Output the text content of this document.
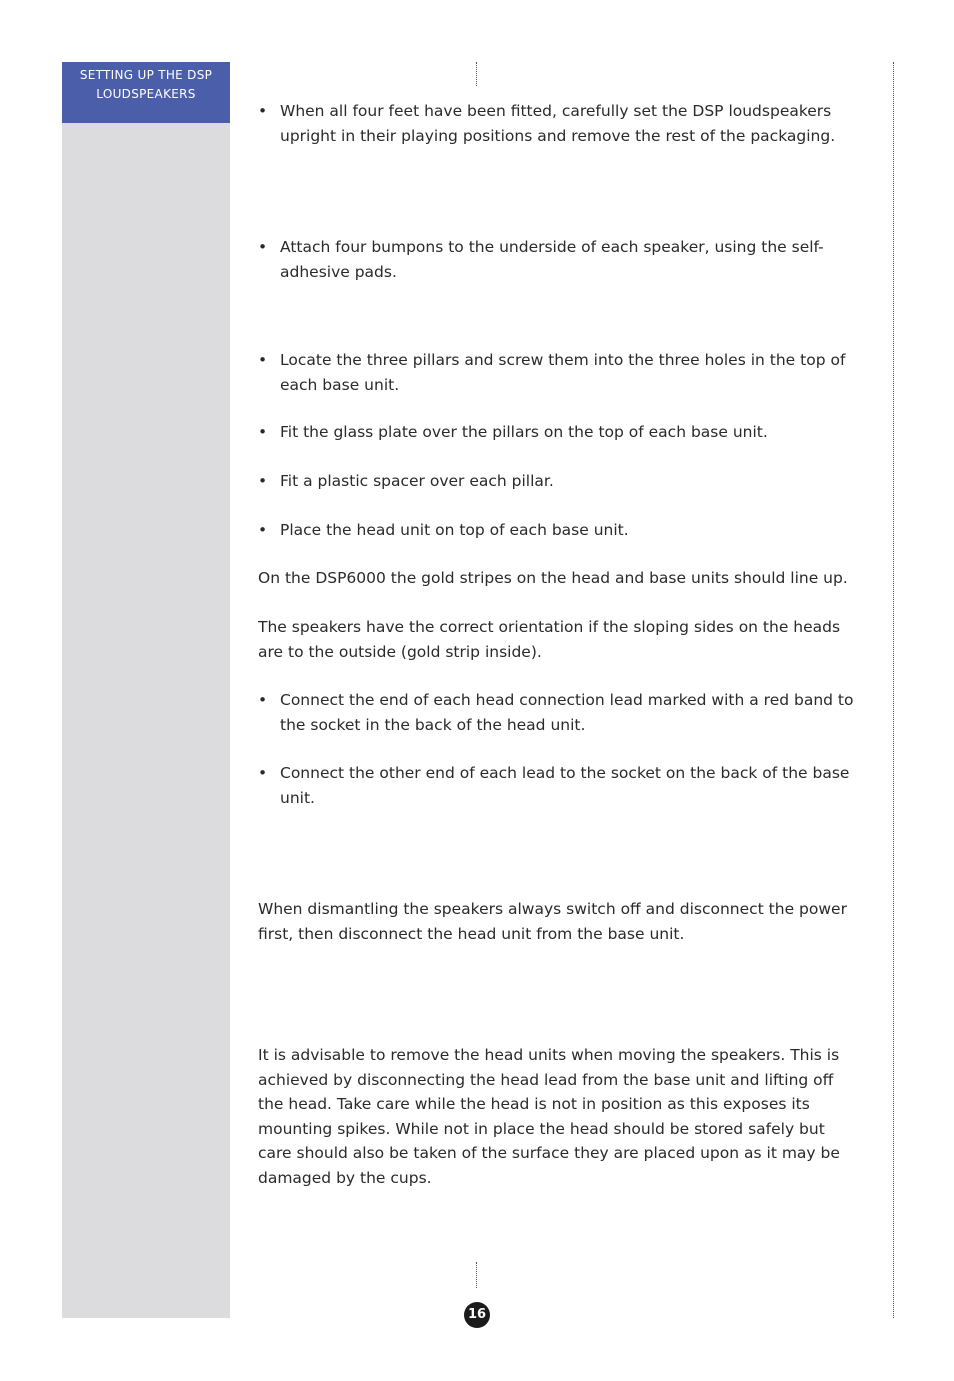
SETTING UP THE DSP LOUDSPEAKERS
• When all four feet have been fitted, carefully set the DSP loudspeakers upright in their playing positions and remove the rest of the packaging.
• Attach four bumpons to the underside of each speaker, using the self-adhesive pads.
• Locate the three pillars and screw them into the three holes in the top of each base unit.
• Fit the glass plate over the pillars on the top of each base unit.
• Fit a plastic spacer over each pillar.
• Place the head unit on top of each base unit.
On the DSP6000 the gold stripes on the head and base units should line up.
The speakers have the correct orientation if the sloping sides on the heads are to the outside (gold strip inside).
• Connect the end of each head connection lead marked with a red band to the socket in the back of the head unit.
• Connect the other end of each lead to the socket on the back of the base unit.
When dismantling the speakers always switch off and disconnect the power first, then disconnect the head unit from the base unit.
It is advisable to remove the head units when moving the speakers. This is achieved by disconnecting the head lead from the base unit and lifting off the head. Take care while the head is not in position as this exposes its mounting spikes. While not in place the head should be stored safely but care should also be taken of the surface they are placed upon as it may be damaged by the cups.
16
